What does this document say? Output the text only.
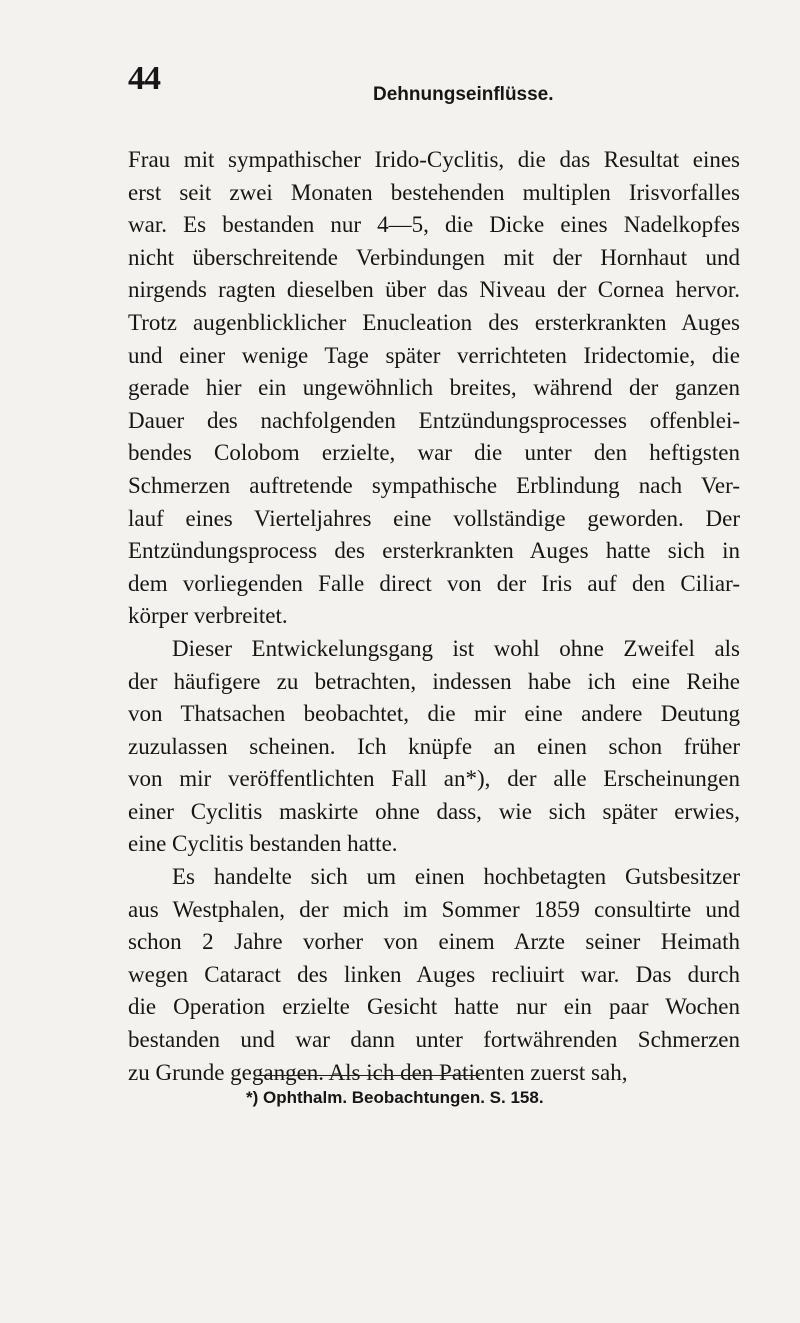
44	Dehnungseinflüsse.
Frau mit sympathischer Irido-Cyclitis, die das Resultat eines
erst seit zwei Monaten bestehenden multiplen Irisvorfalles
war. Es bestanden nur 4—5, die Dicke eines Nadelkopfes
nicht überschreitende Verbindungen mit der Hornhaut und
nirgends ragten dieselben über das Niveau der Cornea hervor.
Trotz augenblicklicher Enucleation des ersterkrankten Auges
und einer wenige Tage später verrichteten Iridectomie, die
gerade hier ein ungewöhnlich breites, während der ganzen
Dauer des nachfolgenden Entzündungsprocesses offenblei-
bendes Colobom erzielte, war die unter den heftigsten
Schmerzen auftretende sympathische Erblindung nach Ver-
lauf eines Vierteljahres eine vollständige geworden. Der
Entzündungsprocess des ersterkrankten Auges hatte sich in
dem vorliegenden Falle direct von der Iris auf den Ciliar-
körper verbreitet.
Dieser Entwickelungsgang ist wohl ohne Zweifel als
der häufigere zu betrachten, indessen habe ich eine Reihe
von Thatsachen beobachtet, die mir eine andere Deutung
zuzulassen scheinen. Ich knüpfe an einen schon früher
von mir veröffentlichten Fall an*), der alle Erscheinungen
einer Cyclitis maskirte ohne dass, wie sich später erwies,
eine Cyclitis bestanden hatte.
Es handelte sich um einen hochbetagten Gutsbesitzer
aus Westphalen, der mich im Sommer 1859 consultirte und
schon 2 Jahre vorher von einem Arzte seiner Heimath
wegen Cataract des linken Auges recliuirt war. Das durch
die Operation erzielte Gesicht hatte nur ein paar Wochen
bestanden und war dann unter fortwährenden Schmerzen
zu Grunde gegangen. Als ich den Patienten zuerst sah,
*) Ophthalm. Beobachtungen. S. 158.
